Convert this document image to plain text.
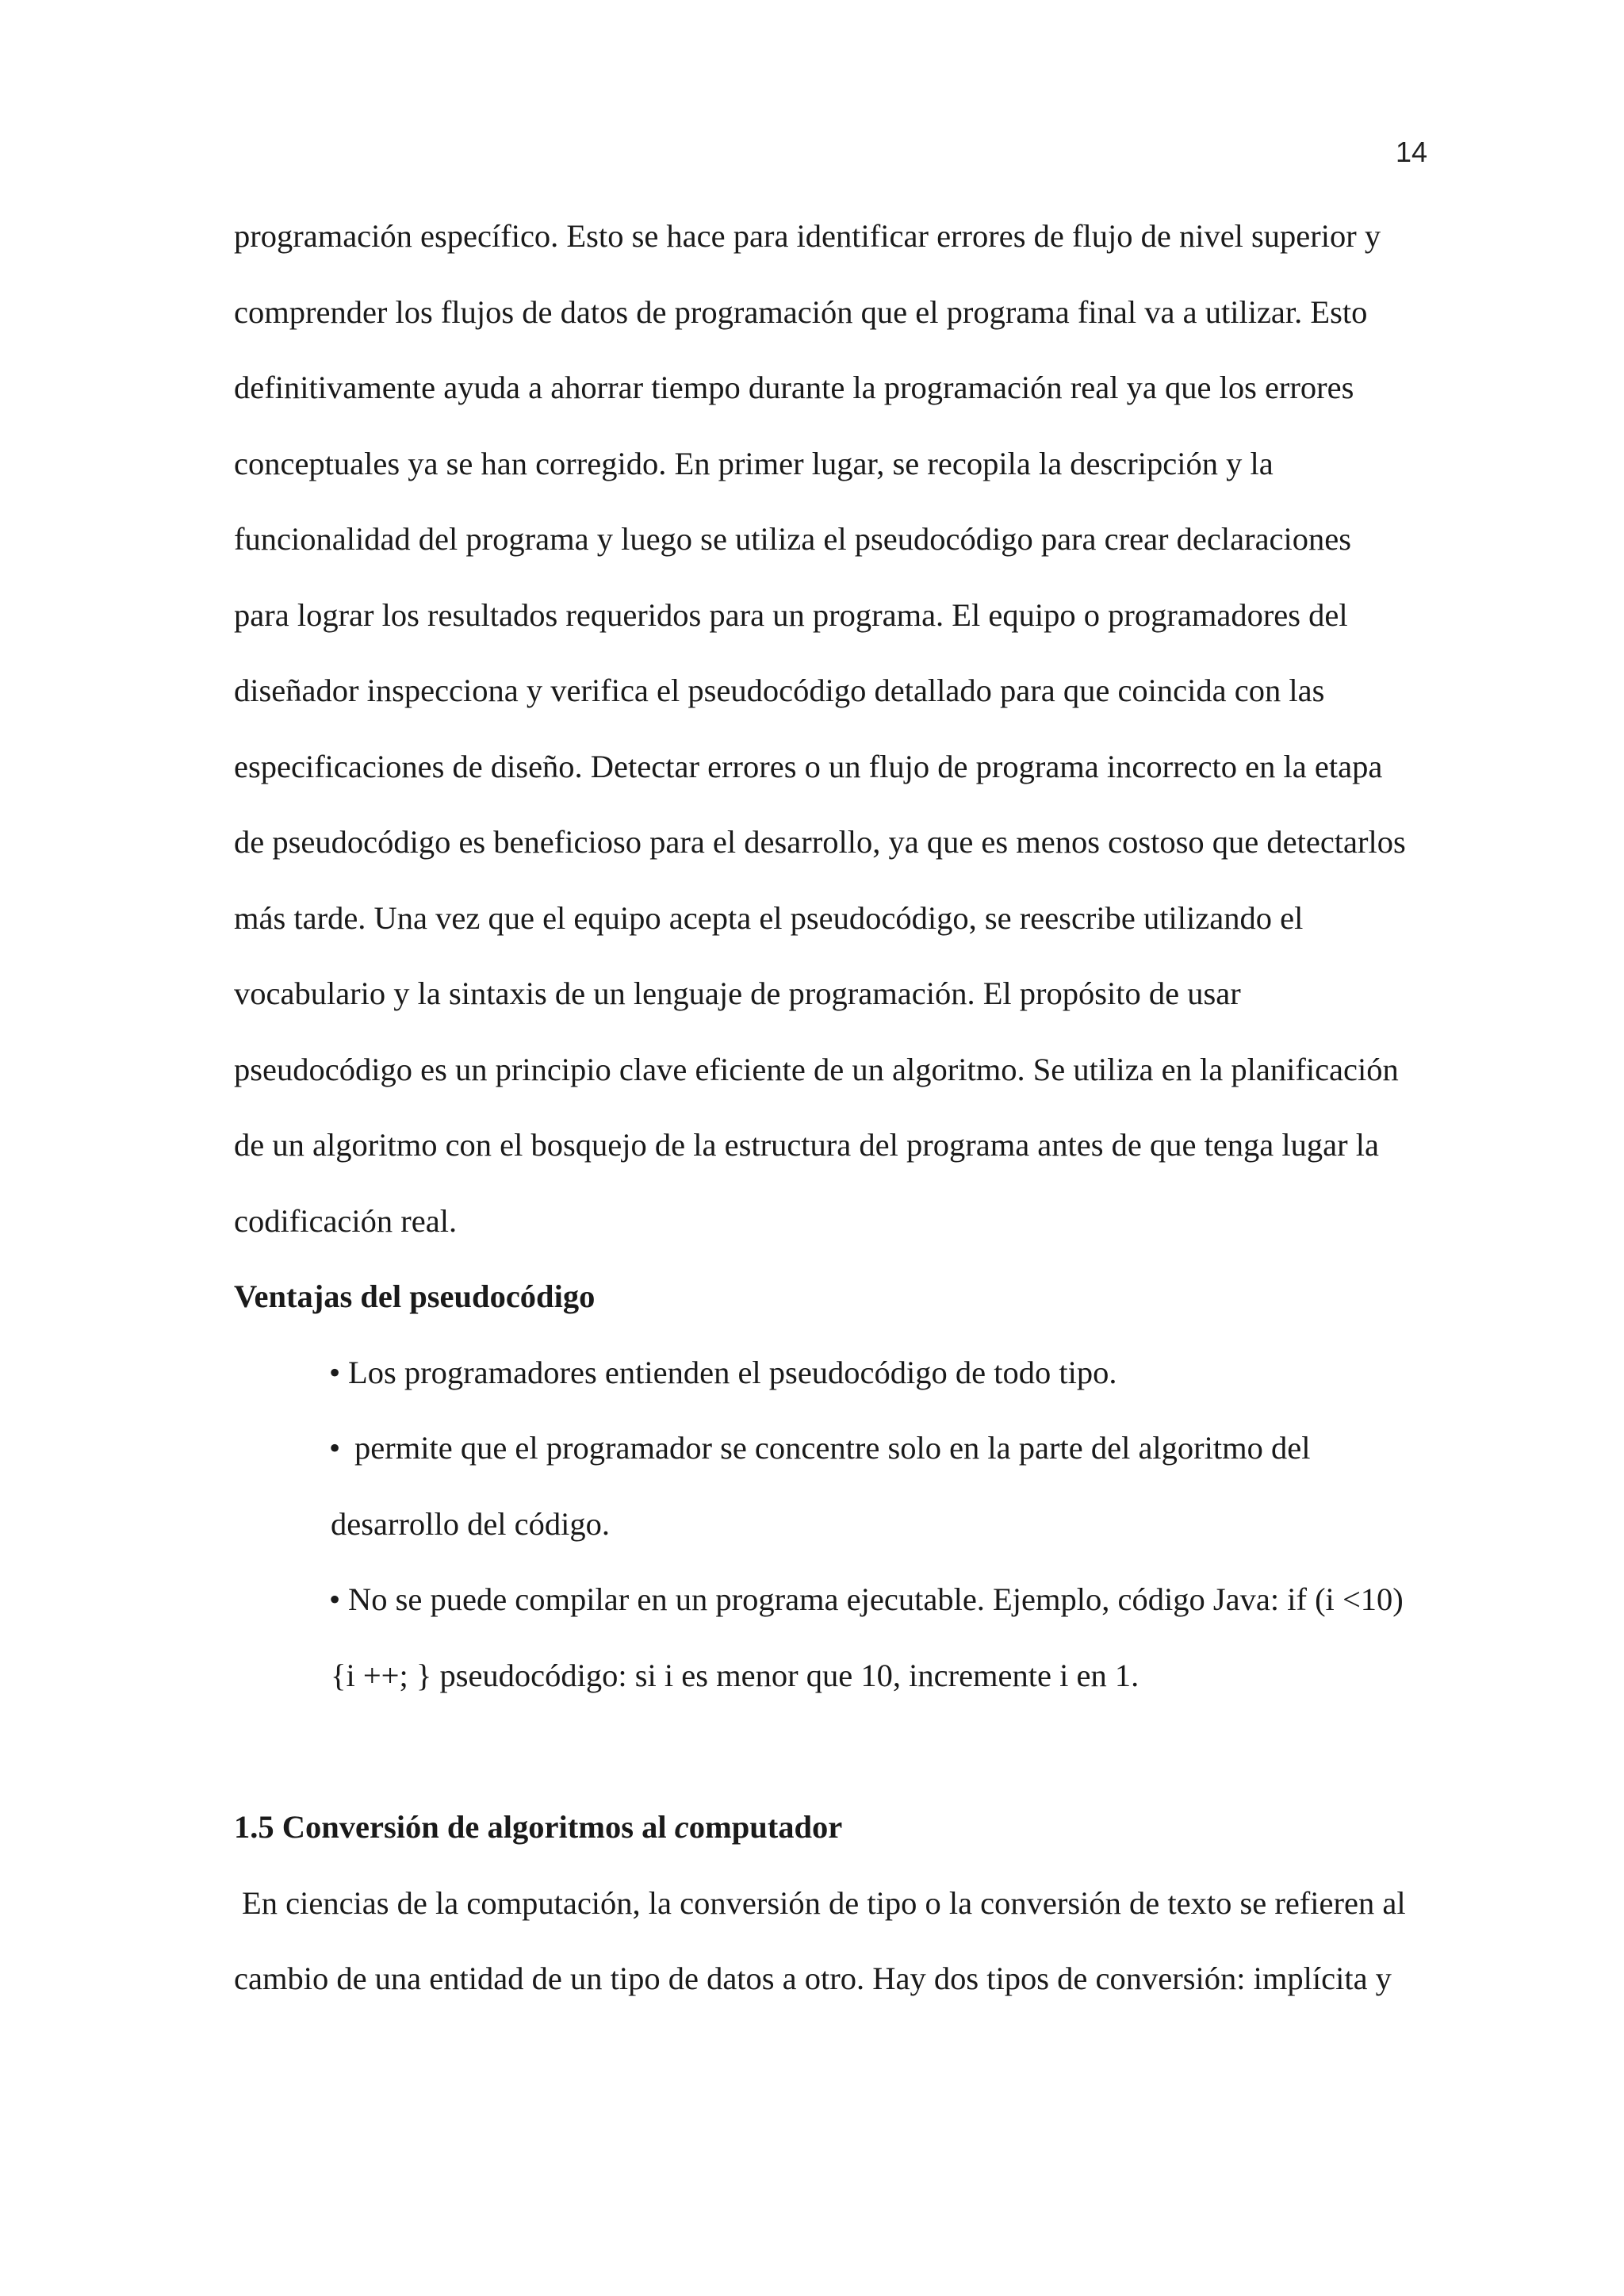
14

programación específico. Esto se hace para identificar errores de flujo de nivel superior y
comprender los flujos de datos de programación que el programa final va a utilizar. Esto
definitivamente ayuda a ahorrar tiempo durante la programación real ya que los errores
conceptuales ya se han corregido. En primer lugar, se recopila la descripción y la
funcionalidad del programa y luego se utiliza el pseudocódigo para crear declaraciones
para lograr los resultados requeridos para un programa. El equipo o programadores del
diseñador inspecciona y verifica el pseudocódigo detallado para que coincida con las
especificaciones de diseño. Detectar errores o un flujo de programa incorrecto en la etapa
de pseudocódigo es beneficioso para el desarrollo, ya que es menos costoso que detectarlos
más tarde. Una vez que el equipo acepta el pseudocódigo, se reescribe utilizando el
vocabulario y la sintaxis de un lenguaje de programación. El propósito de usar
pseudocódigo es un principio clave eficiente de un algoritmo. Se utiliza en la planificación
de un algoritmo con el bosquejo de la estructura del programa antes de que tenga lugar la
codificación real.

Ventajas del pseudocódigo
• Los programadores entienden el pseudocódigo de todo tipo.
• permite que el programador se concentre solo en la parte del algoritmo del
desarrollo del código.
• No se puede compilar en un programa ejecutable. Ejemplo, código Java: if (i <10)
{i ++; } pseudocódigo: si i es menor que 10, incremente i en 1.
1.5 Conversión de algoritmos al computador

En ciencias de la computación, la conversión de tipo o la conversión de texto se refieren al
cambio de una entidad de un tipo de datos a otro. Hay dos tipos de conversión: implícita y
